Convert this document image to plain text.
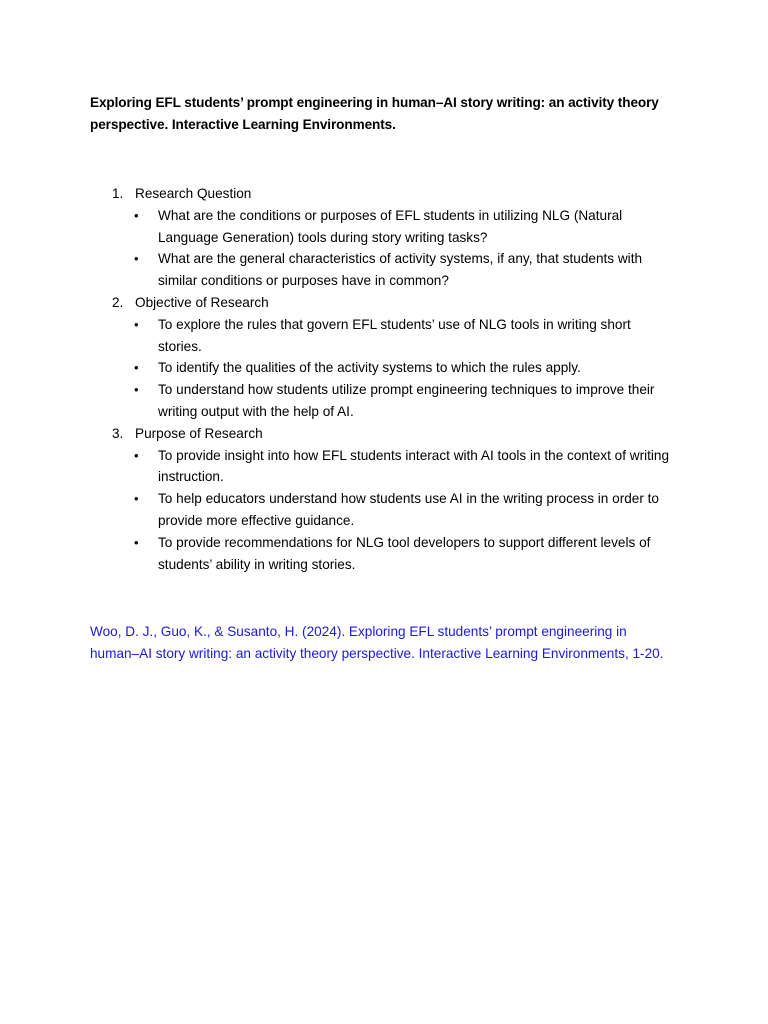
Exploring EFL students’ prompt engineering in human–AI story writing: an activity theory perspective. Interactive Learning Environments.

1. Research Question
• What are the conditions or purposes of EFL students in utilizing NLG (Natural Language Generation) tools during story writing tasks?
• What are the general characteristics of activity systems, if any, that students with similar conditions or purposes have in common?
2. Objective of Research
• To explore the rules that govern EFL students’ use of NLG tools in writing short stories.
• To identify the qualities of the activity systems to which the rules apply.
• To understand how students utilize prompt engineering techniques to improve their writing output with the help of AI.
3. Purpose of Research
• To provide insight into how EFL students interact with AI tools in the context of writing instruction.
• To help educators understand how students use AI in the writing process in order to provide more effective guidance.
• To provide recommendations for NLG tool developers to support different levels of students’ ability in writing stories.

Woo, D. J., Guo, K., & Susanto, H. (2024). Exploring EFL students’ prompt engineering in human–AI story writing: an activity theory perspective. Interactive Learning Environments, 1-20.
